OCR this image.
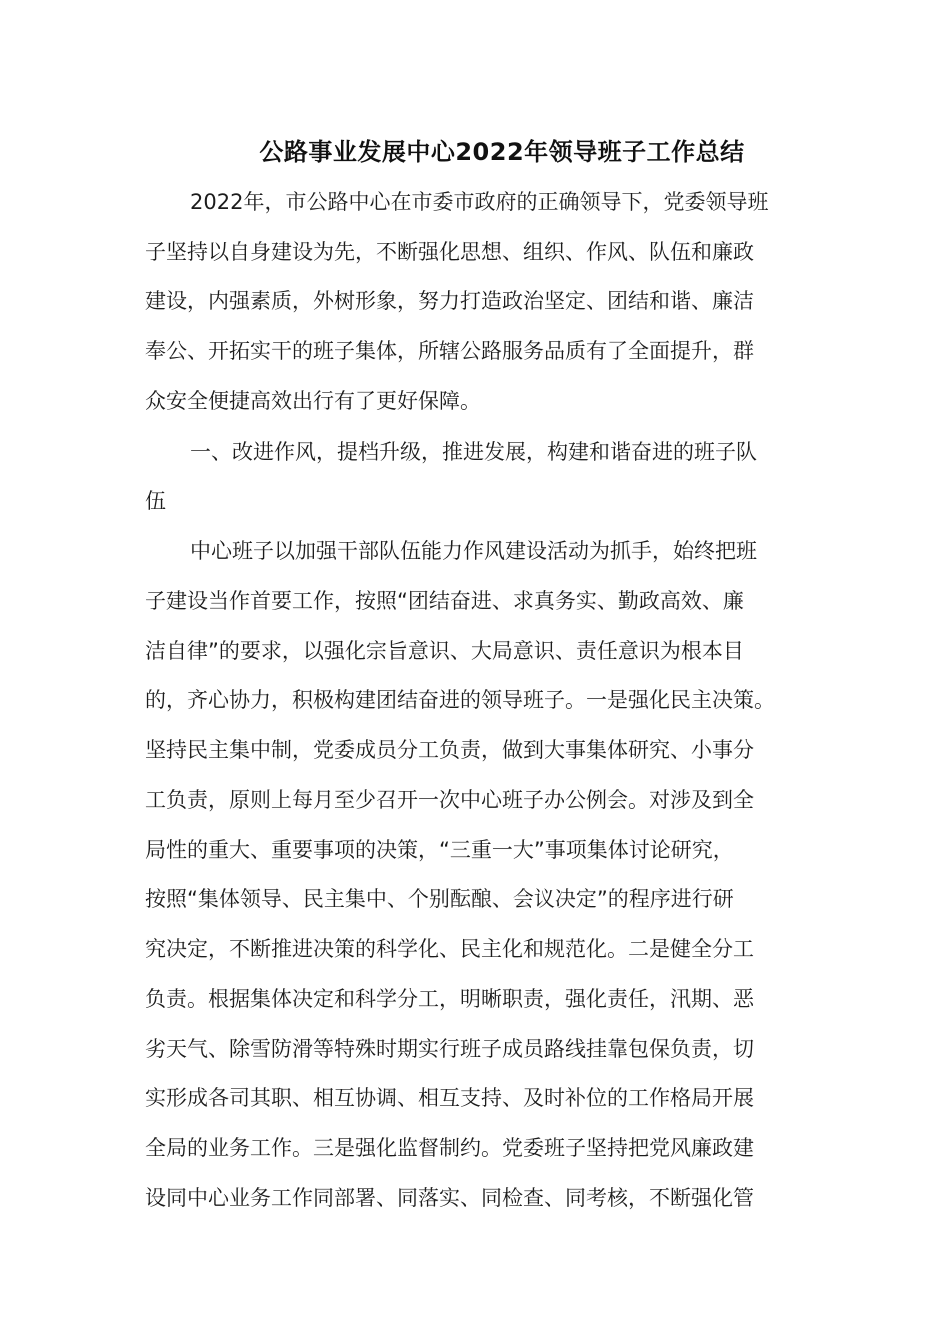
公路事业发展中心2022年领导班子工作总结
2022年，市公路中心在市委市政府的正确领导下，党委领导班
子坚持以自身建设为先，不断强化思想、组织、作风、队伍和廉政
建设，内强素质，外树形象，努力打造政治坚定、团结和谐、廉洁
奉公、开拓实干的班子集体，所辖公路服务品质有了全面提升，群
众安全便捷高效出行有了更好保障。
一、改进作风，提档升级，推进发展，构建和谐奋进的班子队
伍
中心班子以加强干部队伍能力作风建设活动为抓手，始终把班
子建设当作首要工作，按照“团结奋进、求真务实、勤政高效、廉
洁自律”的要求，以强化宗旨意识、大局意识、责任意识为根本目
的，齐心协力，积极构建团结奋进的领导班子。一是强化民主决策。
坚持民主集中制，党委成员分工负责，做到大事集体研究、小事分
工负责，原则上每月至少召开一次中心班子办公例会。对涉及到全
局性的重大、重要事项的决策，“三重一大”事项集体讨论研究，
按照“集体领导、民主集中、个别酝酿、会议决定”的程序进行研
究决定，不断推进决策的科学化、民主化和规范化。二是健全分工
负责。根据集体决定和科学分工，明晰职责，强化责任，汛期、恶
劣天气、除雪防滑等特殊时期实行班子成员路线挂靠包保负责，切
实形成各司其职、相互协调、相互支持、及时补位的工作格局开展
全局的业务工作。三是强化监督制约。党委班子坚持把党风廉政建
设同中心业务工作同部署、同落实、同检查、同考核，不断强化管
